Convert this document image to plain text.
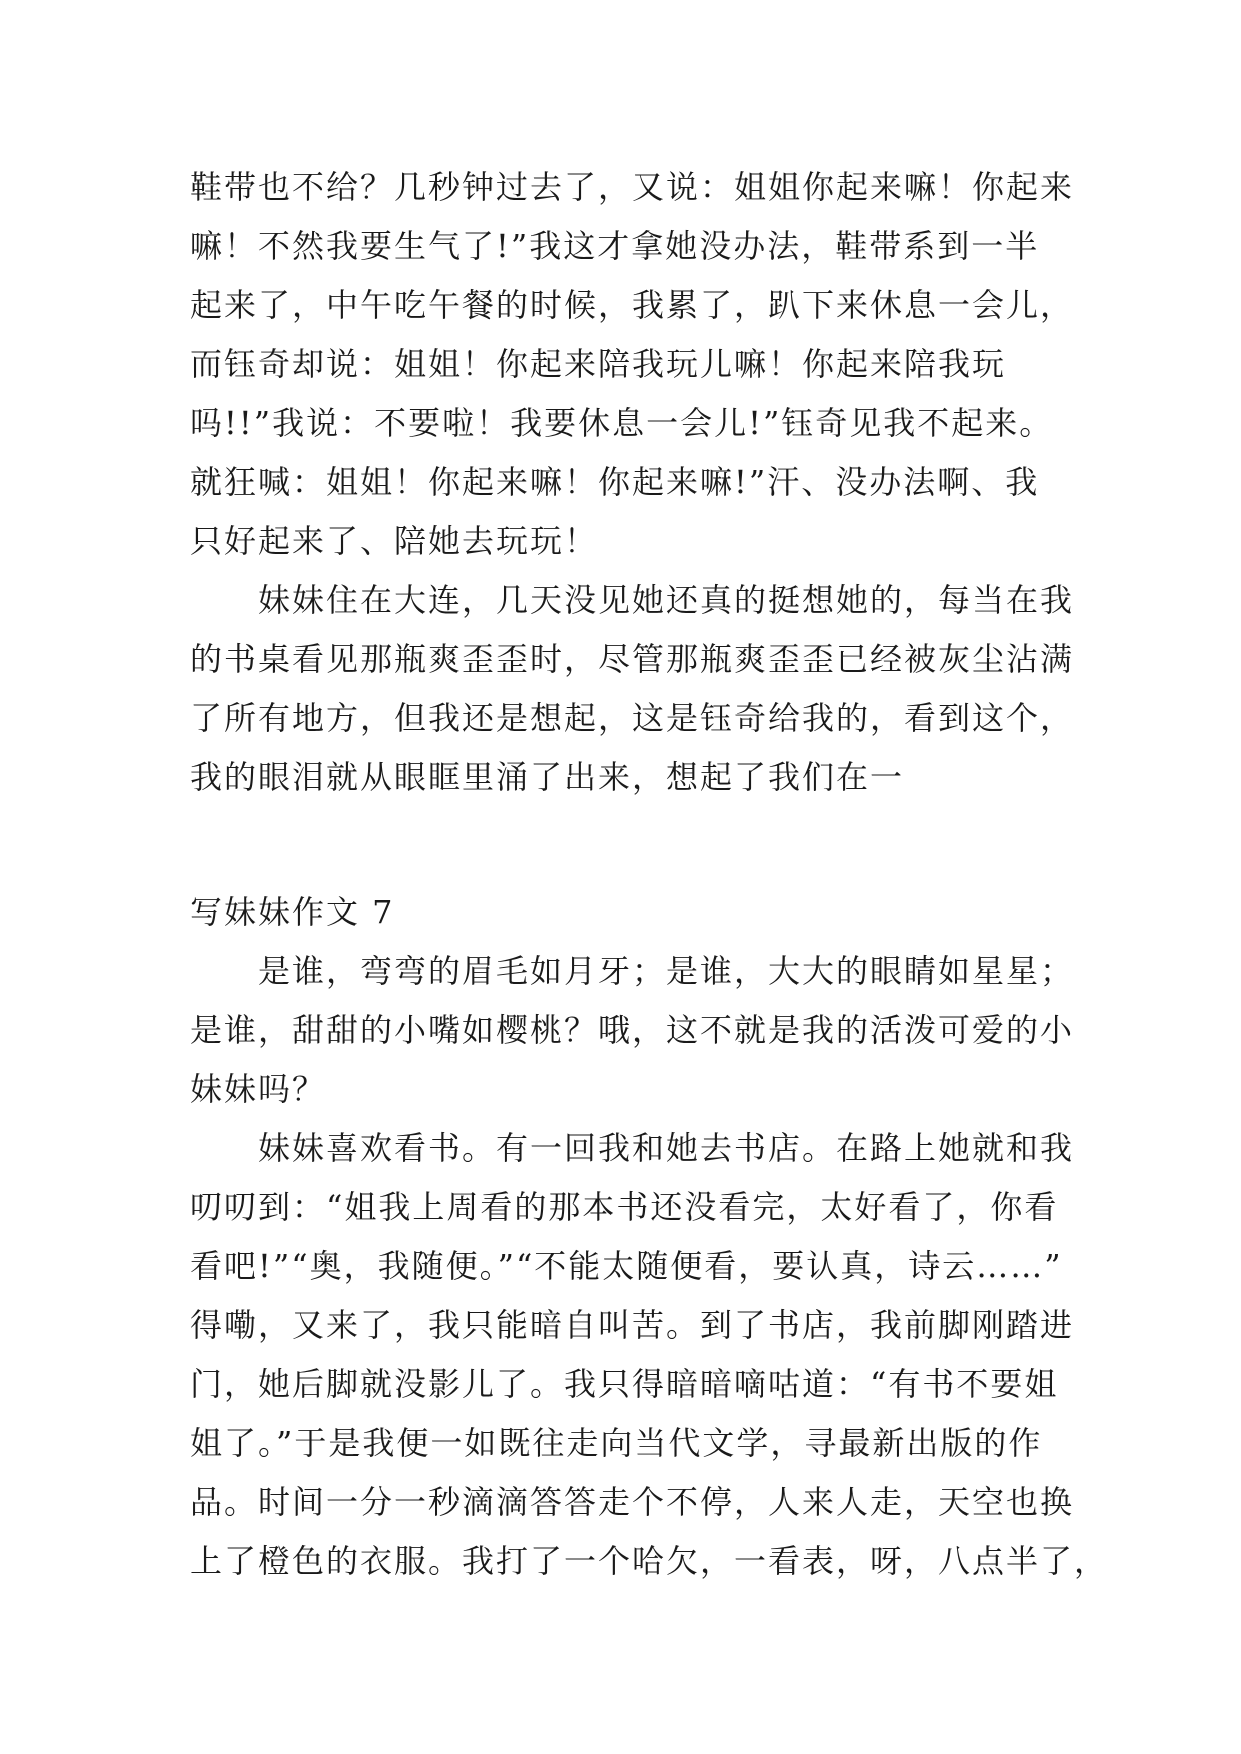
鞋带也不给？几秒钟过去了，又说：姐姐你起来嘛！你起来
嘛！不然我要生气了!”我这才拿她没办法，鞋带系到一半
起来了，中午吃午餐的时候，我累了，趴下来休息一会儿，
而钰奇却说：姐姐！你起来陪我玩儿嘛！你起来陪我玩
吗!!”我说：不要啦！我要休息一会儿!”钰奇见我不起来。
就狂喊：姐姐！你起来嘛！你起来嘛!”汗、没办法啊、我
只好起来了、陪她去玩玩！
妹妹住在大连，几天没见她还真的挺想她的，每当在我
的书桌看见那瓶爽歪歪时，尽管那瓶爽歪歪已经被灰尘沾满
了所有地方，但我还是想起，这是钰奇给我的，看到这个，
我的眼泪就从眼眶里涌了出来，想起了我们在一
写妹妹作文 7
是谁，弯弯的眉毛如月牙；是谁，大大的眼睛如星星；
是谁，甜甜的小嘴如樱桃？哦，这不就是我的活泼可爱的小
妹妹吗？
妹妹喜欢看书。有一回我和她去书店。在路上她就和我
叨叨到：“姐我上周看的那本书还没看完，太好看了，你看
看吧!”“奥，我随便。”“不能太随便看，要认真，诗云……”
得嘞，又来了，我只能暗自叫苦。到了书店，我前脚刚踏进
门，她后脚就没影儿了。我只得暗暗嘀咕道：“有书不要姐
姐了。”于是我便一如既往走向当代文学，寻最新出版的作
品。时间一分一秒滴滴答答走个不停，人来人走，天空也换
上了橙色的衣服。我打了一个哈欠，一看表，呀，八点半了，
